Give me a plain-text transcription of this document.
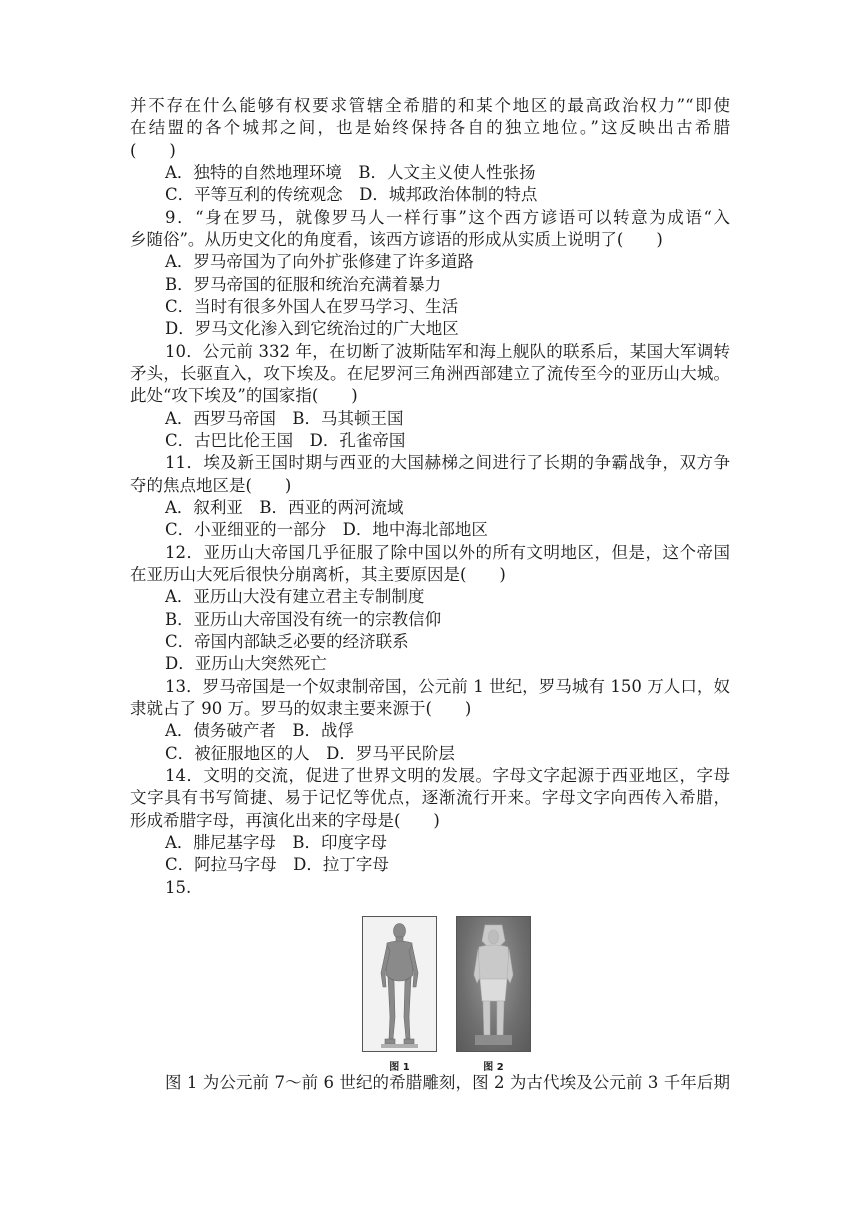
并不存在什么能够有权要求管辖全希腊的和某个地区的最高政治权力”“即使
在结盟的各个城邦之间，也是始终保持各自的独立地位。”这反映出古希腊
(　　)
A．独特的自然地理环境　B．人文主义使人性张扬
C．平等互利的传统观念　D．城邦政治体制的特点
9．“身在罗马，就像罗马人一样行事”这个西方谚语可以转意为成语“入
乡随俗”。从历史文化的角度看，该西方谚语的形成从实质上说明了(　　)
A．罗马帝国为了向外扩张修建了许多道路
B．罗马帝国的征服和统治充满着暴力
C．当时有很多外国人在罗马学习、生活
D．罗马文化渗入到它统治过的广大地区
10．公元前 332 年，在切断了波斯陆军和海上舰队的联系后，某国大军调转
矛头，长驱直入，攻下埃及。在尼罗河三角洲西部建立了流传至今的亚历山大城。
此处“攻下埃及”的国家指(　　)
A．西罗马帝国　B．马其顿王国
C．古巴比伦王国　D．孔雀帝国
11．埃及新王国时期与西亚的大国赫梯之间进行了长期的争霸战争，双方争
夺的焦点地区是(　　)
A．叙利亚　B．西亚的两河流域
C．小亚细亚的一部分　D．地中海北部地区
12．亚历山大帝国几乎征服了除中国以外的所有文明地区，但是，这个帝国
在亚历山大死后很快分崩离析，其主要原因是(　　)
A．亚历山大没有建立君主专制制度
B．亚历山大帝国没有统一的宗教信仰
C．帝国内部缺乏必要的经济联系
D．亚历山大突然死亡
13．罗马帝国是一个奴隶制帝国，公元前 1 世纪，罗马城有 150 万人口，奴
隶就占了 90 万。罗马的奴隶主要来源于(　　)
A．债务破产者　B．战俘
C．被征服地区的人　D．罗马平民阶层
14．文明的交流，促进了世界文明的发展。字母文字起源于西亚地区，字母
文字具有书写简捷、易于记忆等优点，逐渐流行开来。字母文字向西传入希腊，
形成希腊字母，再演化出来的字母是(　　)
A．腓尼基字母　B．印度字母
C．阿拉马字母　D．拉丁字母
15.
图 1	图 2
图 1 为公元前 7～前 6 世纪的希腊雕刻，图 2 为古代埃及公元前 3 千年后期
